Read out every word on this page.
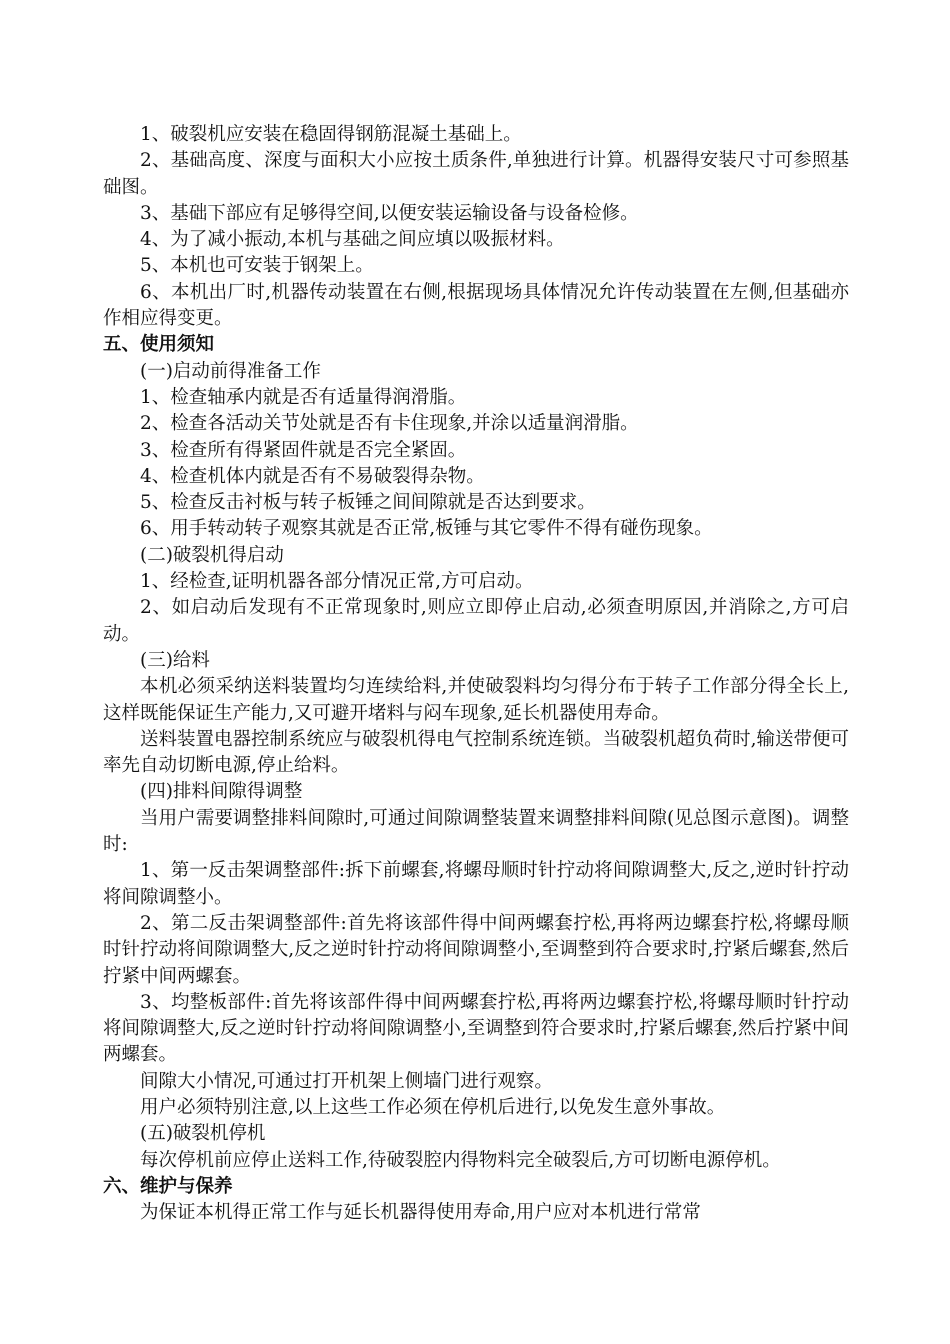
1、破裂机应安装在稳固得钢筋混凝土基础上。

2、基础高度、深度与面积大小应按土质条件,单独进行计算。机器得安装尺寸可参照基础图。

3、基础下部应有足够得空间,以便安装运输设备与设备检修。

4、为了减小振动,本机与基础之间应填以吸振材料。

5、本机也可安装于钢架上。

6、本机出厂时,机器传动装置在右侧,根据现场具体情况允许传动装置在左侧,但基础亦作相应得变更。

五、使用须知

(一)启动前得准备工作

1、检查轴承内就是否有适量得润滑脂。

2、检查各活动关节处就是否有卡住现象,并涂以适量润滑脂。

3、检查所有得紧固件就是否完全紧固。

4、检查机体内就是否有不易破裂得杂物。

5、检查反击衬板与转子板锤之间间隙就是否达到要求。

6、用手转动转子观察其就是否正常,板锤与其它零件不得有碰伤现象。

(二)破裂机得启动

1、经检查,证明机器各部分情况正常,方可启动。

2、如启动后发现有不正常现象时,则应立即停止启动,必须查明原因,并消除之,方可启动。

(三)给料

本机必须采纳送料装置均匀连续给料,并使破裂料均匀得分布于转子工作部分得全长上,这样既能保证生产能力,又可避开堵料与闷车现象,延长机器使用寿命。

送料装置电器控制系统应与破裂机得电气控制系统连锁。当破裂机超负荷时,输送带便可率先自动切断电源,停止给料。

(四)排料间隙得调整

当用户需要调整排料间隙时,可通过间隙调整装置来调整排料间隙(见总图示意图)。调整时:

1、第一反击架调整部件:拆下前螺套,将螺母顺时针拧动将间隙调整大,反之,逆时针拧动将间隙调整小。

2、第二反击架调整部件:首先将该部件得中间两螺套拧松,再将两边螺套拧松,将螺母顺时针拧动将间隙调整大,反之逆时针拧动将间隙调整小,至调整到符合要求时,拧紧后螺套,然后拧紧中间两螺套。

3、均整板部件:首先将该部件得中间两螺套拧松,再将两边螺套拧松,将螺母顺时针拧动将间隙调整大,反之逆时针拧动将间隙调整小,至调整到符合要求时,拧紧后螺套,然后拧紧中间两螺套。

间隙大小情况,可通过打开机架上侧墙门进行观察。

用户必须特别注意,以上这些工作必须在停机后进行,以免发生意外事故。

(五)破裂机停机

每次停机前应停止送料工作,待破裂腔内得物料完全破裂后,方可切断电源停机。

六、维护与保养

为保证本机得正常工作与延长机器得使用寿命,用户应对本机进行常常
